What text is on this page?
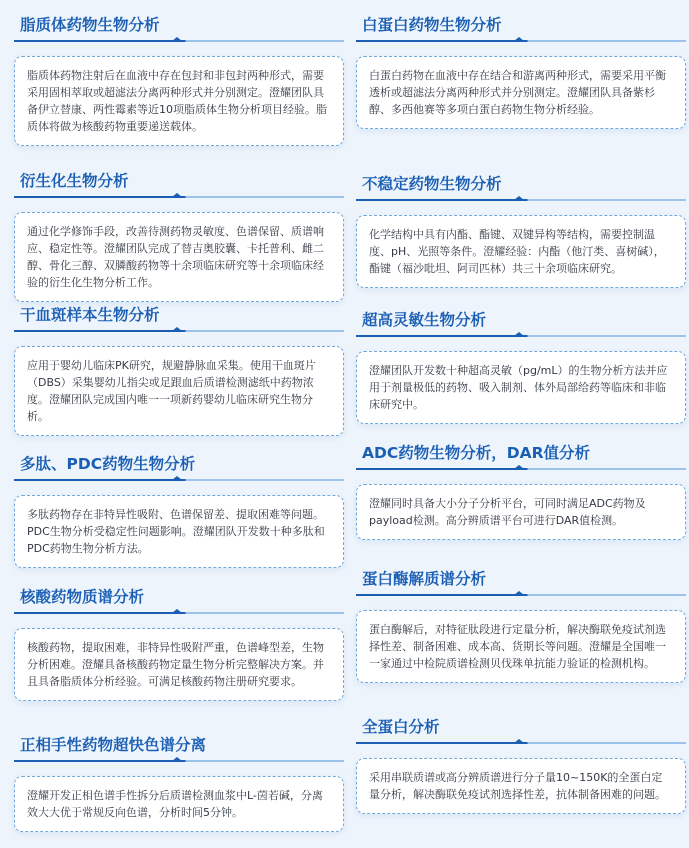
脂质体药物生物分析
脂质体药物注射后在血液中存在包封和非包封两种形式，需要采用固相萃取或超滤法分离两种形式并分别测定。澄耀团队具备伊立替康、两性霉素等近10项脂质体生物分析项目经验。脂质体将做为核酸药物重要递送载体。
衍生化生物分析
通过化学修饰手段，改善待测药物灵敏度、色谱保留、质谱响应、稳定性等。澄耀团队完成了替吉奥胶囊、卡托普利、雌二醇、骨化三醇、双膦酸药物等十余项临床研究等十余项临床经验的衍生化生物分析工作。
干血斑样本生物分析
应用于婴幼儿临床PK研究，规避静脉血采集。使用干血斑片（DBS）采集婴幼儿指尖或足跟血后质谱检测滤纸中药物浓度。澄耀团队完成国内唯一一项新药婴幼儿临床研究生物分析。
多肽、PDC药物生物分析
多肽药物存在非特异性吸附、色谱保留差、提取困难等问题。PDC生物分析受稳定性问题影响。澄耀团队开发数十种多肽和PDC药物生物分析方法。
核酸药物质谱分析
核酸药物，提取困难，非特异性吸附严重，色谱峰型差，生物分析困难。澄耀具备核酸药物定量生物分析完整解决方案。并且具备脂质体分析经验。可满足核酸药物注册研究要求。
正相手性药物超快色谱分离
澄耀开发正相色谱手性拆分后质谱检测血浆中L-茵若碱，分离效大大优于常规反向色谱，分析时间5分钟。
白蛋白药物生物分析
白蛋白药物在血液中存在结合和游离两种形式，需要采用平衡透析或超滤法分离两种形式并分别测定。澄耀团队具备紫杉醇、多西他赛等多项白蛋白药物生物分析经验。
不稳定药物生物分析
化学结构中具有内酯、酯键、双键异构等结构，需要控制温度、pH、光照等条件。澄耀经验：内酯（他汀类、喜树碱），酯键（福沙吡坦、阿司匹林）共三十余项临床研究。
超高灵敏生物分析
澄耀团队开发数十种超高灵敏（pg/mL）的生物分析方法并应用于剂量极低的药物、吸入制剂、体外局部给药等临床和非临床研究中。
ADC药物生物分析，DAR值分析
澄耀同时具备大小分子分析平台，可同时满足ADC药物及payload检测。高分辨质谱平台可进行DAR值检测。
蛋白酶解质谱分析
蛋白酶解后，对特征肽段进行定量分析，解决酶联免疫试剂选择性差、制备困难、成本高、货期长等问题。澄耀是全国唯一一家通过中检院质谱检测贝伐珠单抗能力验证的检测机构。
全蛋白分析
采用串联质谱或高分辨质谱进行分子量10~150K的全蛋白定量分析，解决酶联免疫试剂选择性差，抗体制备困难的问题。
